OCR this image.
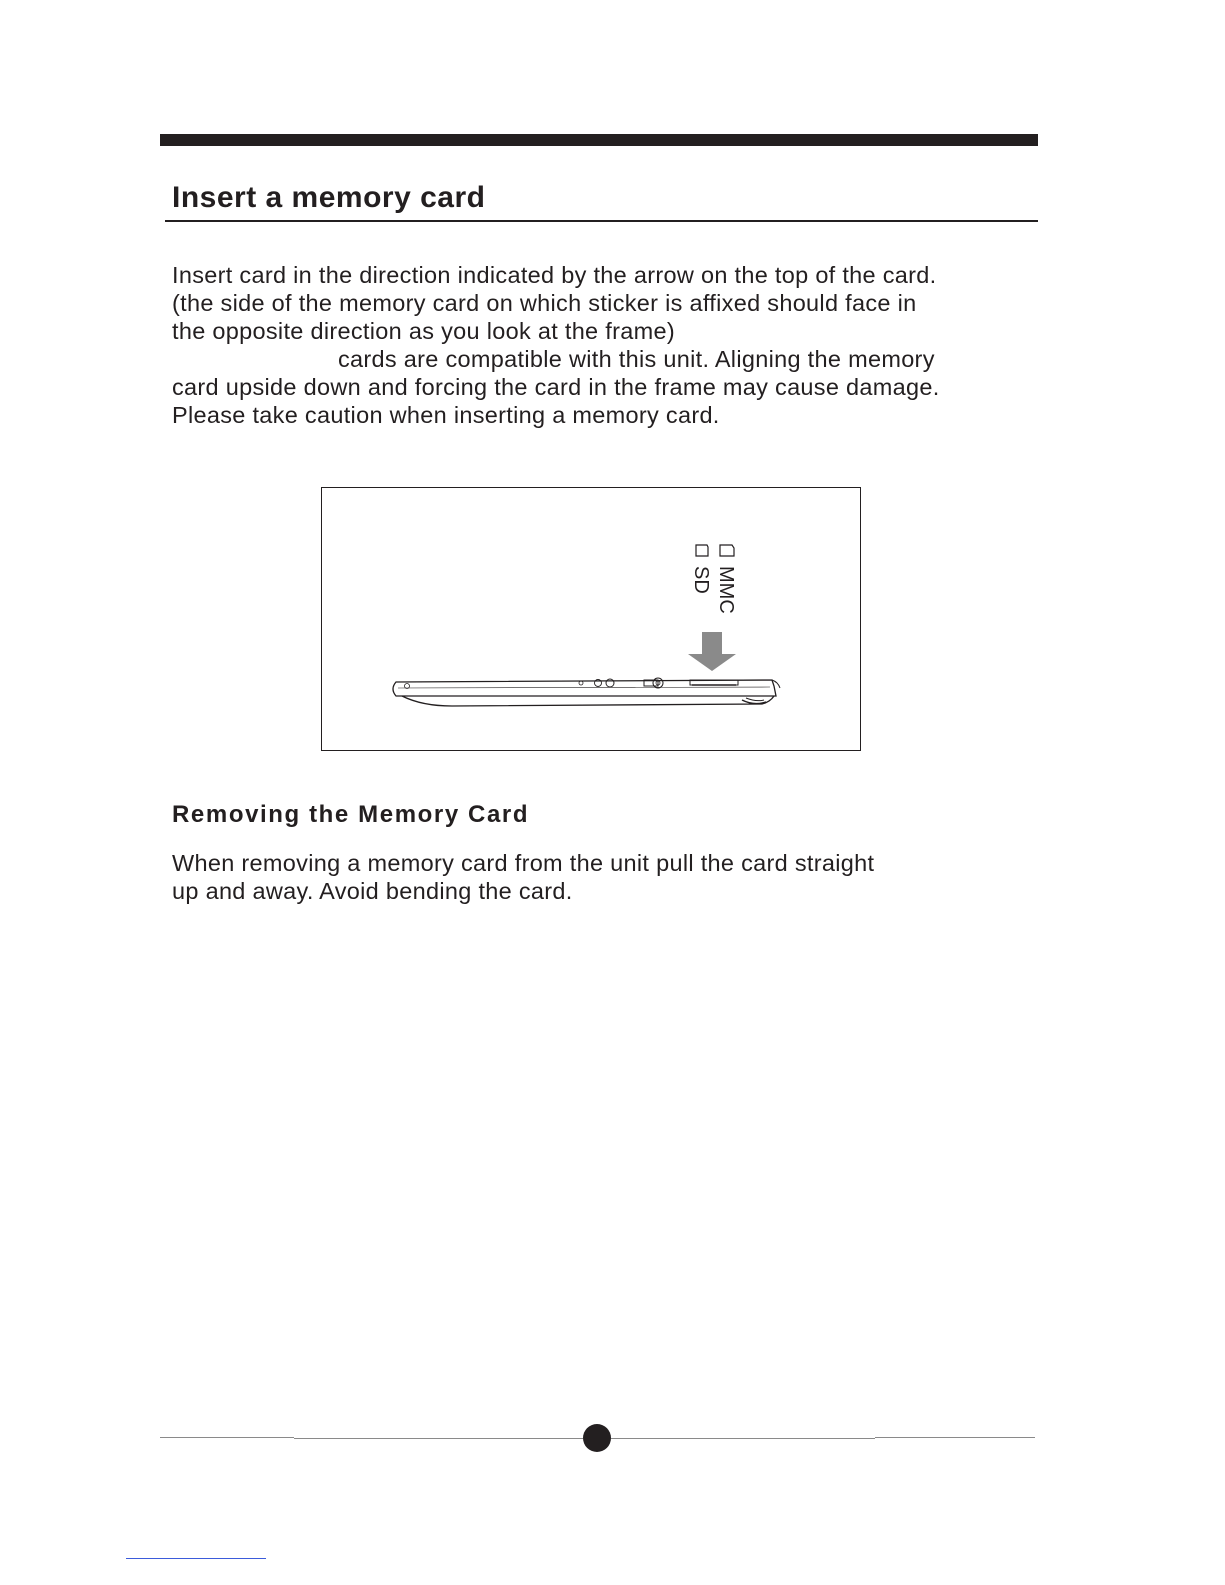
Insert a memory card
Insert card in the direction indicated by the arrow on the top of the card.
(the side of the memory card on which sticker is affixed should face in
the opposite direction as you look at the frame)
cards are compatible with this unit. Aligning the memory
card upside down and forcing the card in the frame may cause damage.
Please take caution when inserting a memory card.
MMC
SD
Removing the Memory Card
When removing a memory card from the unit pull the card straight
up and away. Avoid bending the card.
